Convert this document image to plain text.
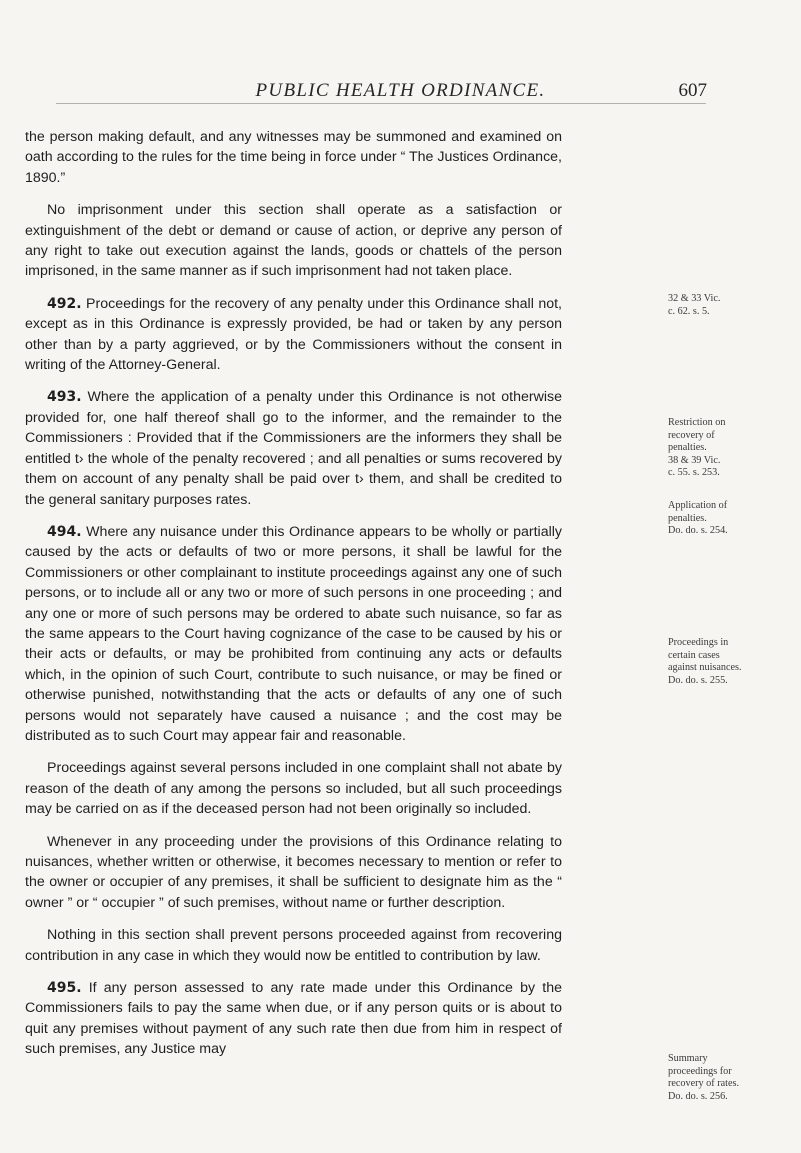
PUBLIC HEALTH ORDINANCE.	607

the person making default, and any witnesses may be summoned and examined on oath according to the rules for the time being in force under “ The Justices Ordinance, 1890.”

No imprisonment under this section shall operate as a satisfaction or extinguishment of the debt or demand or cause of action, or deprive any person of any right to take out execution against the lands, goods or chattels of the person imprisoned, in the same manner as if such imprisonment had not taken place.

492. Proceedings for the recovery of any penalty under this Ordinance shall not, except as in this Ordinance is expressly provided, be had or taken by any person other than by a party aggrieved, or by the Commissioners without the consent in writing of the Attorney-General.

493. Where the application of a penalty under this Ordinance is not otherwise provided for, one half thereof shall go to the informer, and the remainder to the Commissioners : Provided that if the Commissioners are the informers they shall be entitled t› the whole of the penalty recovered ; and all penalties or sums recovered by them on account of any penalty shall be paid over t› them, and shall be credited to the general sanitary purposes rates.

494. Where any nuisance under this Ordinance appears to be wholly or partially caused by the acts or defaults of two or more persons, it shall be lawful for the Commissioners or other complainant to institute proceedings against any one of such persons, or to include all or any two or more of such persons in one proceeding ; and any one or more of such persons may be ordered to abate such nuisance, so far as the same appears to the Court having cognizance of the case to be caused by his or their acts or defaults, or may be prohibited from continuing any acts or defaults which, in the opinion of such Court, contribute to such nuisance, or may be fined or otherwise punished, notwithstanding that the acts or defaults of any one of such persons would not separately have caused a nuisance ; and the cost may be distributed as to such Court may appear fair and reasonable.

Proceedings against several persons included in one complaint shall not abate by reason of the death of any among the persons so included, but all such proceedings may be carried on as if the deceased person had not been originally so included.

Whenever in any proceeding under the provisions of this Ordinance relating to nuisances, whether written or otherwise, it becomes necessary to mention or refer to the owner or occupier of any premises, it shall be sufficient to designate him as the “ owner ” or “ occupier ” of such premises, without name or further description.

Nothing in this section shall prevent persons proceeded against from recovering contribution in any case in which they would now be entitled to contribution by law.

495. If any person assessed to any rate made under this Ordinance by the Commissioners fails to pay the same when due, or if any person quits or is about to quit any premises without payment of any such rate then due from him in respect of such premises, any Justice may

32 & 33 Vic.
c. 62. s. 5.
Restriction on
recovery of
penalties.
38 & 39 Vic.
c. 55. s. 253.
Application of
penalties.
Do. do. s. 254.
Proceedings in
certain cases
against nuisances.
Do. do. s. 255.
Summary
proceedings for
recovery of rates.
Do. do. s. 256.
